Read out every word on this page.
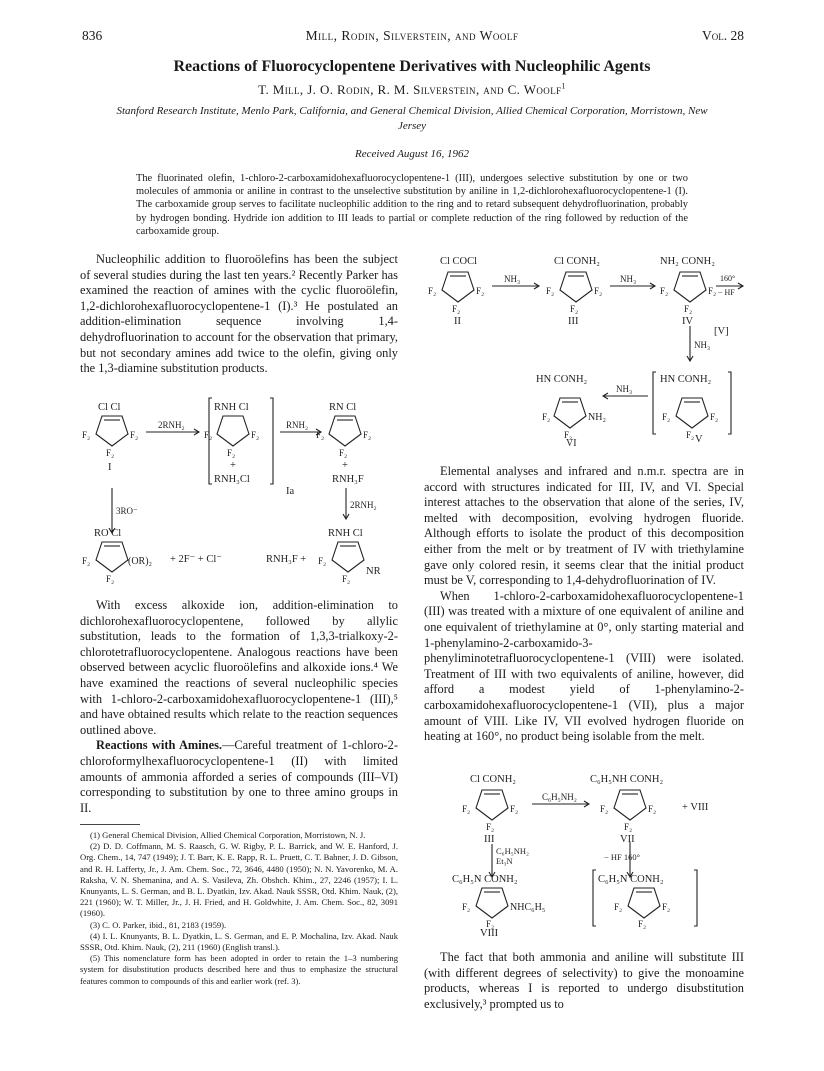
836	Mill, Rodin, Silverstein, and Woolf	Vol. 28
Reactions of Fluorocyclopentene Derivatives with Nucleophilic Agents
T. Mill, J. O. Rodin, R. M. Silverstein, and C. Woolf$^1$
Stanford Research Institute, Menlo Park, California, and General Chemical Division, Allied Chemical Corporation, Morristown, New Jersey
Received August 16, 1962
The fluorinated olefin, 1-chloro-2-carboxamidohexafluorocyclopentene-1 (III), undergoes selective substitution by one or two molecules of ammonia or aniline in contrast to the unselective substitution by aniline in 1,2-dichlorohexafluorocyclopentene-1 (I). The carboxamide group serves to facilitate nucleophilic addition to the ring and to retard subsequent dehydrofluorination, probably by hydrogen bonding. Hydride ion addition to III leads to partial or complete reduction of the ring followed by reduction of the carboxamide group.

Nucleophilic addition to fluoroölefins has been the subject of several studies during the last ten years.² Recently Parker has examined the reaction of amines with the cyclic fluoroölefin, 1,2-dichlorohexafluorocyclopentene-1 (I).³ He postulated an addition-elimination sequence involving 1,4-dehydrofluorination to account for the observation that primary, but not secondary amines add twice to the olefin, giving only the 1,3-diamine substitution products.

Cl Cl
F₂	F₂
F₂
I
2RNH₂
RNH Cl
F₂	F₂
F₂
+
RNH₃Cl
RNH₂
RN Cl
F₂	F₂
F₂
+
RNH₃F
Ia
3RO⁻
2RNH₂
RO Cl
F₂	(OR)₂
F₂
+ 2F⁻ + Cl⁻	RNH₃F +
RNH Cl
F₂
F₂
NR

With excess alkoxide ion, addition-elimination to dichlorohexafluorocyclopentene, followed by allylic substitution, leads to the formation of 1,3,3-trialkoxy-2-chlorotetrafluorocyclopentene. Analogous reactions have been observed between acyclic fluoroölefins and alkoxide ions.⁴ We have examined the reactions of several nucleophilic species with 1-chloro-2-carboxamidohexafluorocyclopentene-1 (III),⁵ and have obtained results which relate to the reaction sequences outlined above.

Reactions with Amines.—Careful treatment of 1-chloro-2-chloroformylhexafluorocyclopentene-1 (II) with limited amounts of ammonia afforded a series of compounds (III–VI) corresponding to substitution by one to three amino groups in II.

(1) General Chemical Division, Allied Chemical Corporation, Morristown, N. J.

(2) D. D. Coffmann, M. S. Raasch, G. W. Rigby, P. L. Barrick, and W. E. Hanford, J. Org. Chem., 14, 747 (1949); J. T. Barr, K. E. Rapp, R. L. Pruett, C. T. Bahner, J. D. Gibson, and R. H. Lafferty, Jr., J. Am. Chem. Soc., 72, 3646, 4480 (1950); N. N. Yavorenko, M. A. Raksha, V. N. Shemanina, and A. S. Vasileva, Zh. Obshch. Khim., 27, 2246 (1957); I. L. Knunyants, L. S. German, and B. L. Dyatkin, Izv. Akad. Nauk SSSR, Otd. Khim. Nauk, (2), 221 (1960); W. T. Miller, Jr., J. H. Fried, and H. Goldwhite, J. Am. Chem. Soc., 82, 3091 (1960).

(3) C. O. Parker, ibid., 81, 2183 (1959).

(4) I. L. Knunyants, B. L. Dyatkin, L. S. German, and E. P. Mochalina, Izv. Akad. Nauk SSSR, Otd. Khim. Nauk, (2), 211 (1960) (English transl.).

(5) This nomenclature form has been adopted in order to retain the 1–3 numbering system for disubstitution products described here and thus to emphasize the structural features common to compounds of this and earlier work (ref. 3).

Cl COCl
F₂	F₂
F₂
II
NH₃
Cl CONH₂
F₂	F₂
F₂
III
NH₃
NH₂ CONH₂
F₂	F₂
F₂
IV
160°
− HF
[V]
NH₃
NH₃
HN CONH₂
F₂	NH₂
F₂
VI
HN CONH₂
F₂	F₂
F₂ V

Elemental analyses and infrared and n.m.r. spectra are in accord with structures indicated for III, IV, and VI. Special interest attaches to the observation that alone of the series, IV, melted with decomposition, evolving hydrogen fluoride. Although efforts to isolate the product of this decomposition either from the melt or by treatment of IV with triethylamine gave only colored resin, it seems clear that the initial product must be V, corresponding to 1,4-dehydrofluorination of IV.

When 1-chloro-2-carboxamidohexafluorocyclopentene-1 (III) was treated with a mixture of one equivalent of aniline and one equivalent of triethylamine at 0°, only starting material and 1-phenylamino-2-carboxamido-3-phenyliminotetrafluorocyclopentene-1 (VIII) were isolated. Treatment of III with two equivalents of aniline, however, did afford a modest yield of 1-phenylamino-2-carboxamidohexafluorocyclopentene-1 (VII), plus a major amount of VIII. Like IV, VII evolved hydrogen fluoride on heating at 160°, no product being isolable from the melt.

Cl CONH₂
F₂	F₂
F₂
III
C₆H₅NH₂
C₆H₅NH CONH₂
F₂	F₂
F₂
VII
+ VIII
C₆H₅NH₂
Et₃N	− HF 160°
C₆H₅N CONH₂
F₂	NHC₆H₅
F₂
C₆H₅N CONH₂
F₂	F₂
F₂
VIII

The fact that both ammonia and aniline will substitute III (with different degrees of selectivity) to give the monoamine products, whereas I is reported to undergo disubstitution exclusively,³ prompted us to
